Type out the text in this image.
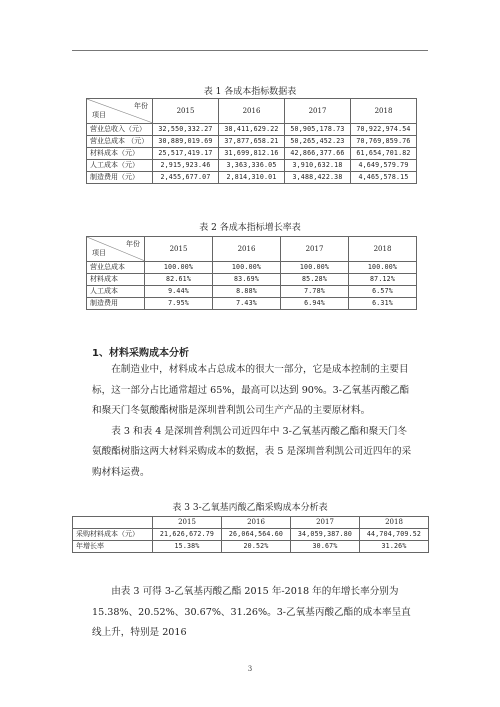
表 1 各成本指标数据表
年份
项目	2015	2016	2017	2018
营业总收入（元）	32,550,332.27	38,411,629.22	50,905,178.73	70,922,974.54
营业总成本 （元）	30,889,019.69	37,877,658.21	50,265,452.23	70,769,859.76
材料成本（元）	25,517,419.17	31,699,812.16	42,866,377.66	61,654,701.82
人工成本（元）	2,915,923.46	3,363,336.05	3,910,632.18	4,649,579.79
制造费用（元）	2,455,677.07	2,814,310.01	3,488,422.38	4,465,578.15
表 2 各成本指标增长率表
年份
项目	2015	2016	2017	2018
营业总成本	100.00%	100.00%	100.00%	100.00%
材料成本	82.61%	83.69%	85.28%	87.12%
人工成本	9.44%	8.88%	7.78%	6.57%
制造费用	7.95%	7.43%	6.94%	6.31%
1、材料采购成本分析

在制造业中，材料成本占总成本的很大一部分，它是成本控制的主要目标，这一部分占比通常超过 65%，最高可以达到 90%。3-乙氧基丙酸乙酯和聚天门冬氨酸酯树脂是深圳普利凯公司生产产品的主要原材料。

表 3 和表 4 是深圳普利凯公司近四年中 3-乙氧基丙酸乙酯和聚天门冬氨酸酯树脂这两大材料采购成本的数据，表 5 是深圳普利凯公司近四年的采购材料运费。

表 3 3-乙氧基丙酸乙酯采购成本分析表
	2015	2016	2017	2018
采购材料成本（元）	21,626,672.79	26,064,564.60	34,059,387.80	44,704,709.52
年增长率	15.38%	20.52%	30.67%	31.26%

由表 3 可得 3-乙氧基丙酸乙酯 2015 年-2018 年的年增长率分别为 15.38%、20.52%、30.67%、31.26%。3-乙氧基丙酸乙酯的成本率呈直线上升，特别是 2016

3
